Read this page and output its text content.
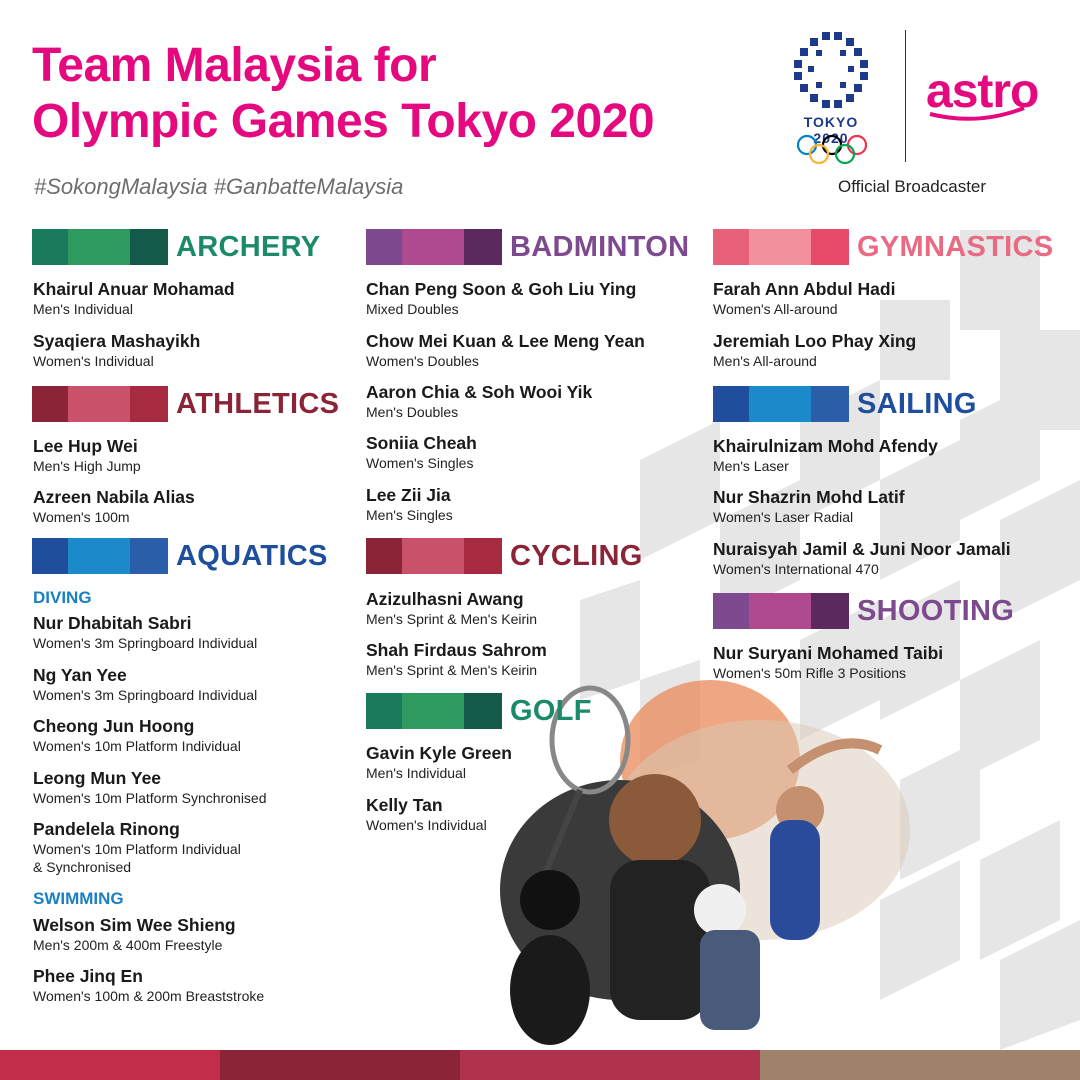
Team Malaysia for
Olympic Games Tokyo 2020
#SokongMalaysia #GanbatteMalaysia
TOKYO 2020
astro
Official Broadcaster
ARCHERY
Khairul Anuar Mohamad
Men's Individual
Syaqiera Mashayikh
Women's Individual
ATHLETICS
Lee Hup Wei
Men's High Jump
Azreen Nabila Alias
Women's 100m
AQUATICS
DIVING
Nur Dhabitah Sabri
Women's 3m Springboard Individual
Ng Yan Yee
Women's 3m Springboard Individual
Cheong Jun Hoong
Women's 10m Platform Individual
Leong Mun Yee
Women's 10m Platform Synchronised
Pandelela Rinong
Women's 10m Platform Individual
& Synchronised
SWIMMING
Welson Sim Wee Shieng
Men's 200m & 400m Freestyle
Phee Jinq En
Women's 100m & 200m Breaststroke
BADMINTON
Chan Peng Soon & Goh Liu Ying
Mixed Doubles
Chow Mei Kuan & Lee Meng Yean
Women's Doubles
Aaron Chia & Soh Wooi Yik
Men's Doubles
Soniia Cheah
Women's Singles
Lee Zii Jia
Men's Singles
CYCLING
Azizulhasni Awang
Men's Sprint & Men's Keirin
Shah Firdaus Sahrom
Men's Sprint & Men's Keirin
GOLF
Gavin Kyle Green
Men's Individual
Kelly Tan
Women's Individual
GYMNASTICS
Farah Ann Abdul Hadi
Women's All-around
Jeremiah Loo Phay Xing
Men's All-around
SAILING
Khairulnizam Mohd Afendy
Men's Laser
Nur Shazrin Mohd Latif
Women's Laser Radial
Nuraisyah Jamil & Juni Noor Jamali
Women's International 470
SHOOTING
Nur Suryani Mohamed Taibi
Women's 50m Rifle 3 Positions
